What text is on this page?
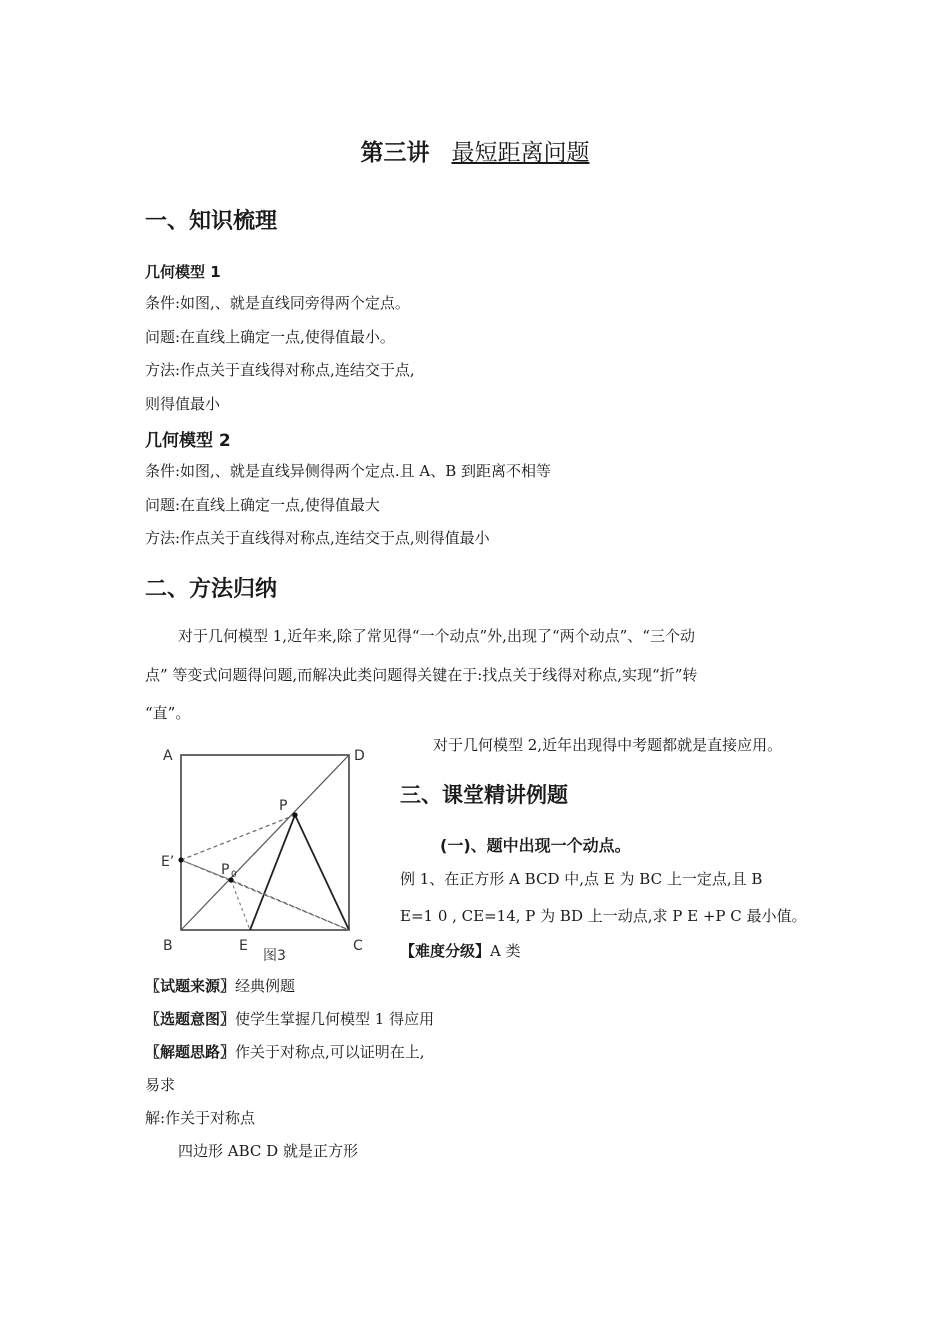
第三讲 最短距离问题
一、知识梳理
几何模型 1
条件:如图,、就是直线同旁得两个定点。
问题:在直线上确定一点,使得值最小。
方法:作点关于直线得对称点,连结交于点,
则得值最小
几何模型 2
条件:如图,、就是直线异侧得两个定点.且 A、B 到距离不相等
问题:在直线上确定一点,使得值最大
方法:作点关于直线得对称点,连结交于点,则得值最小
二、方法归纳
对于几何模型 1,近年来,除了常见得“一个动点”外,出现了“两个动点”、“三个动
点” 等变式问题得问题,而解决此类问题得关键在于:找点关于线得对称点,实现“折”转
“直”。
对于几何模型 2,近年出现得中考题都就是直接应用。
A	D
P
E’	P 0
B	E	C
图3
三、课堂精讲例题
(一)、题中出现一个动点。
例 1、在正方形 A BCD 中,点 E 为 BC 上一定点,且 B
E=1 0 , CE=14, P 为 BD 上一动点,求 P E +P C 最小值。
【难度分级】A 类
〖试题来源〗经典例题
〖选题意图〗使学生掌握几何模型 1 得应用
〖解题思路〗作关于对称点,可以证明在上,
易求
解:作关于对称点
四边形 ABC D 就是正方形
